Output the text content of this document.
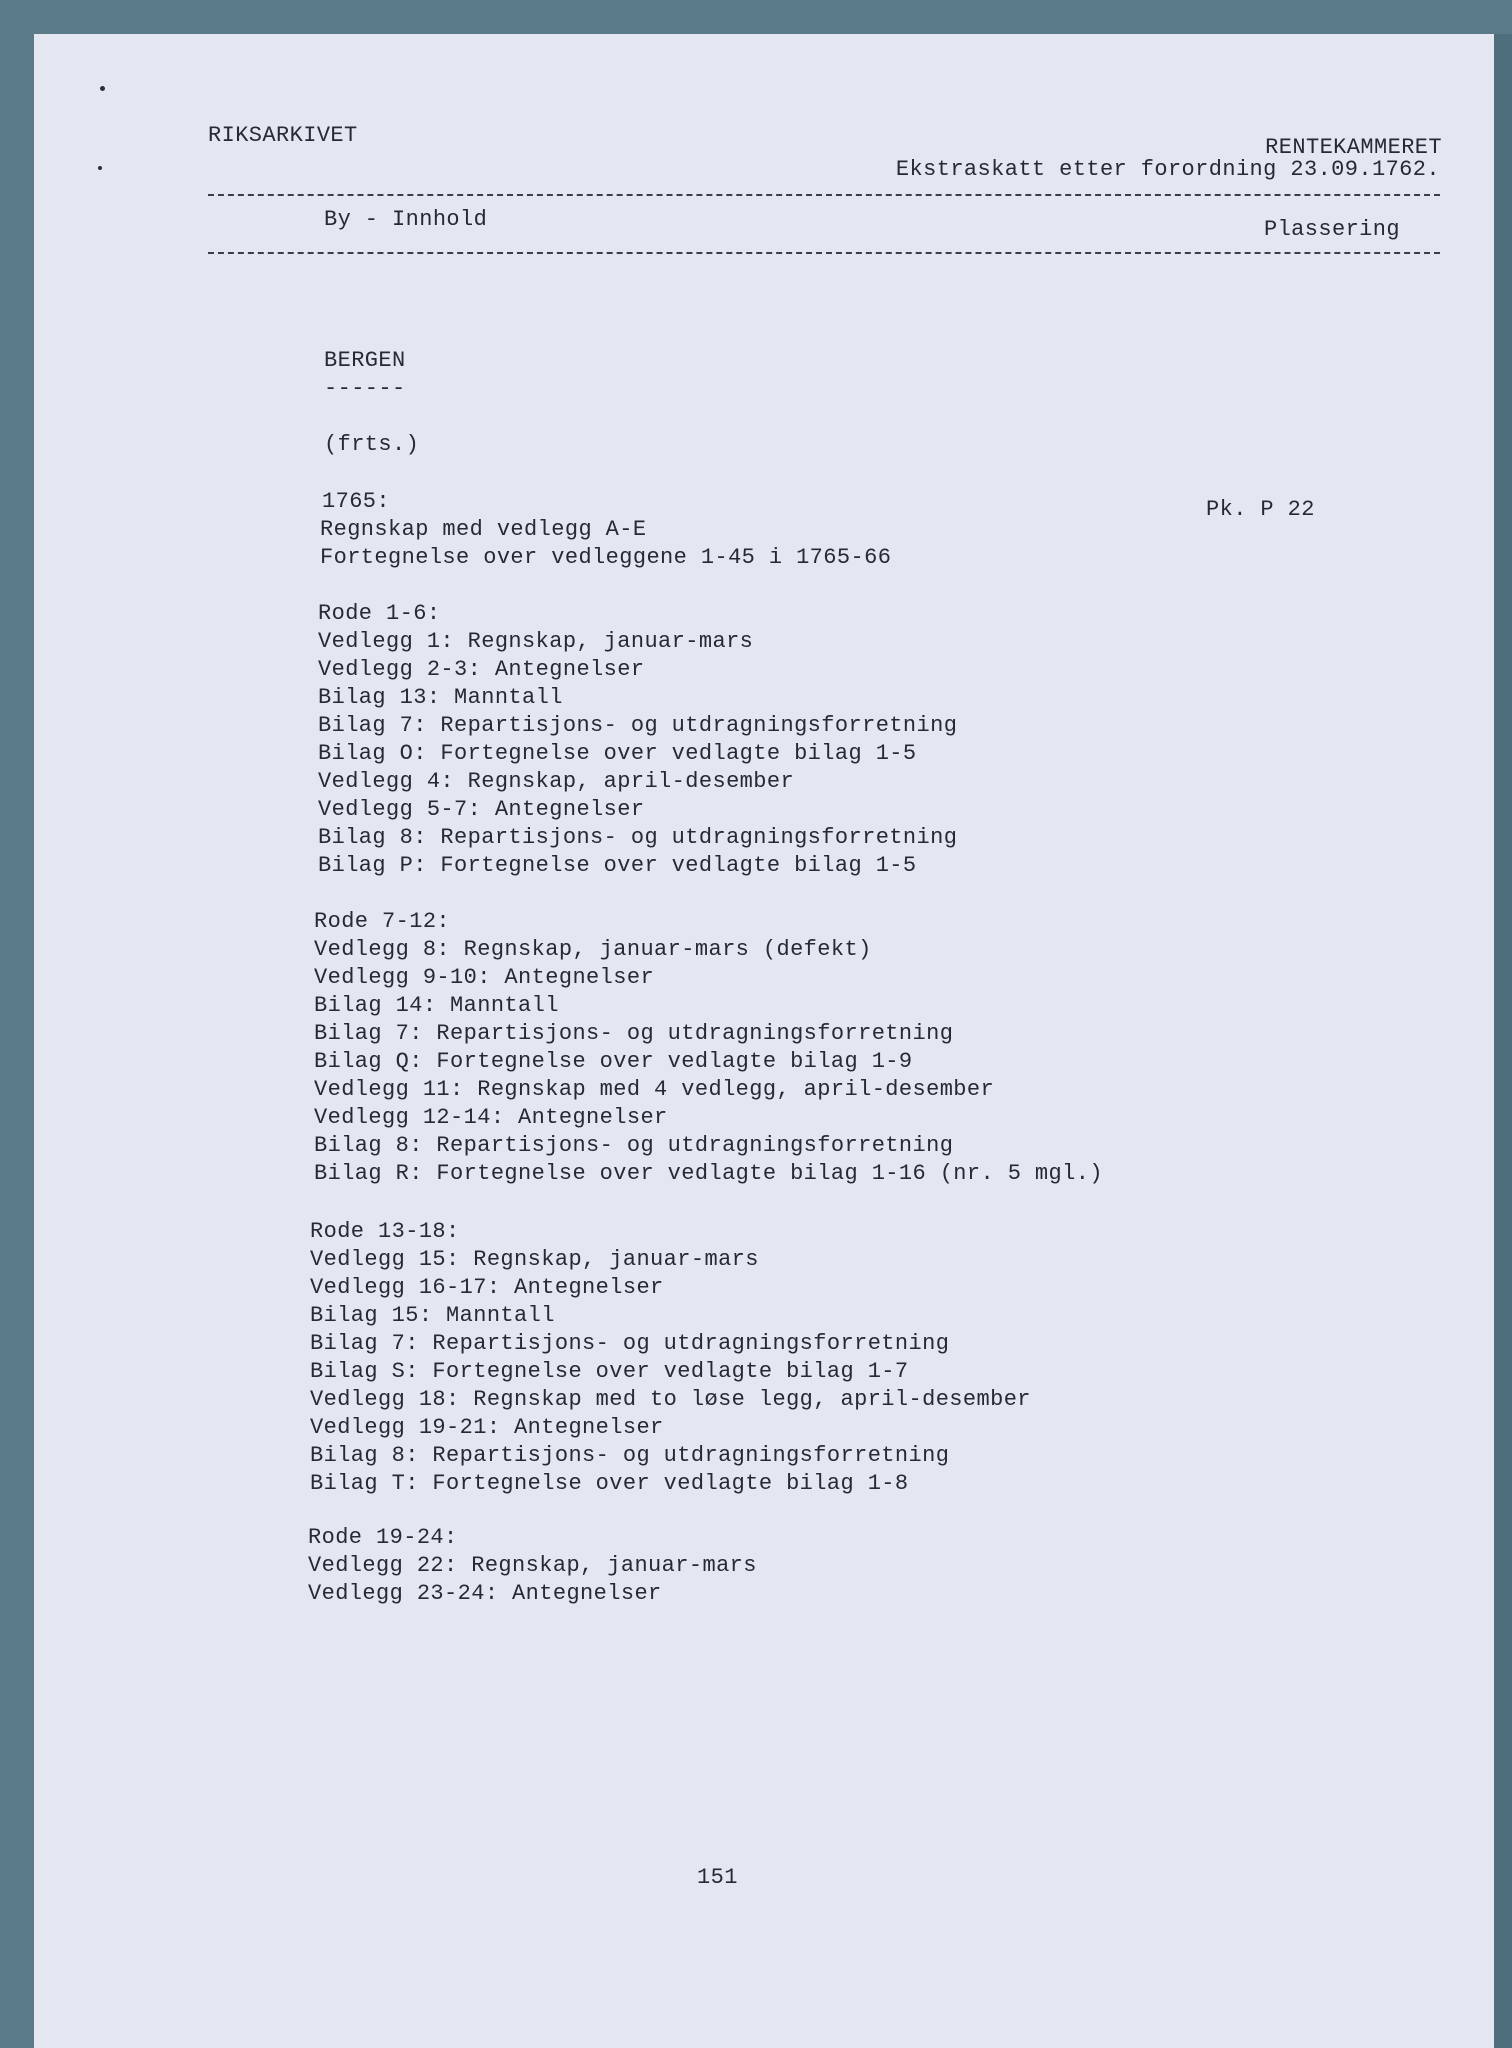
RIKSARKIVET	RENTEKAMMERET

Ekstraskatt etter forordning 23.09.1762.

By - Innhold	Plassering

BERGEN

------

(frts.)

1765:	Pk. P 22

Regnskap med vedlegg A-E
Fortegnelse over vedleggene 1-45 i 1765-66
Rode 1-6:
Vedlegg 1: Regnskap, januar-mars
Vedlegg 2-3: Antegnelser
Bilag 13: Manntall
Bilag 7: Repartisjons- og utdragningsforretning
Bilag O: Fortegnelse over vedlagte bilag 1-5
Vedlegg 4: Regnskap, april-desember
Vedlegg 5-7: Antegnelser
Bilag 8: Repartisjons- og utdragningsforretning
Bilag P: Fortegnelse over vedlagte bilag 1-5
Rode 7-12:
Vedlegg 8: Regnskap, januar-mars (defekt)
Vedlegg 9-10: Antegnelser
Bilag 14: Manntall
Bilag 7: Repartisjons- og utdragningsforretning
Bilag Q: Fortegnelse over vedlagte bilag 1-9
Vedlegg 11: Regnskap med 4 vedlegg, april-desember
Vedlegg 12-14: Antegnelser
Bilag 8: Repartisjons- og utdragningsforretning
Bilag R: Fortegnelse over vedlagte bilag 1-16 (nr. 5 mgl.)
Rode 13-18:
Vedlegg 15: Regnskap, januar-mars
Vedlegg 16-17: Antegnelser
Bilag 15: Manntall
Bilag 7: Repartisjons- og utdragningsforretning
Bilag S: Fortegnelse over vedlagte bilag 1-7
Vedlegg 18: Regnskap med to løse legg, april-desember
Vedlegg 19-21: Antegnelser
Bilag 8: Repartisjons- og utdragningsforretning
Bilag T: Fortegnelse over vedlagte bilag 1-8
Rode 19-24:
Vedlegg 22: Regnskap, januar-mars
Vedlegg 23-24: Antegnelser

151
